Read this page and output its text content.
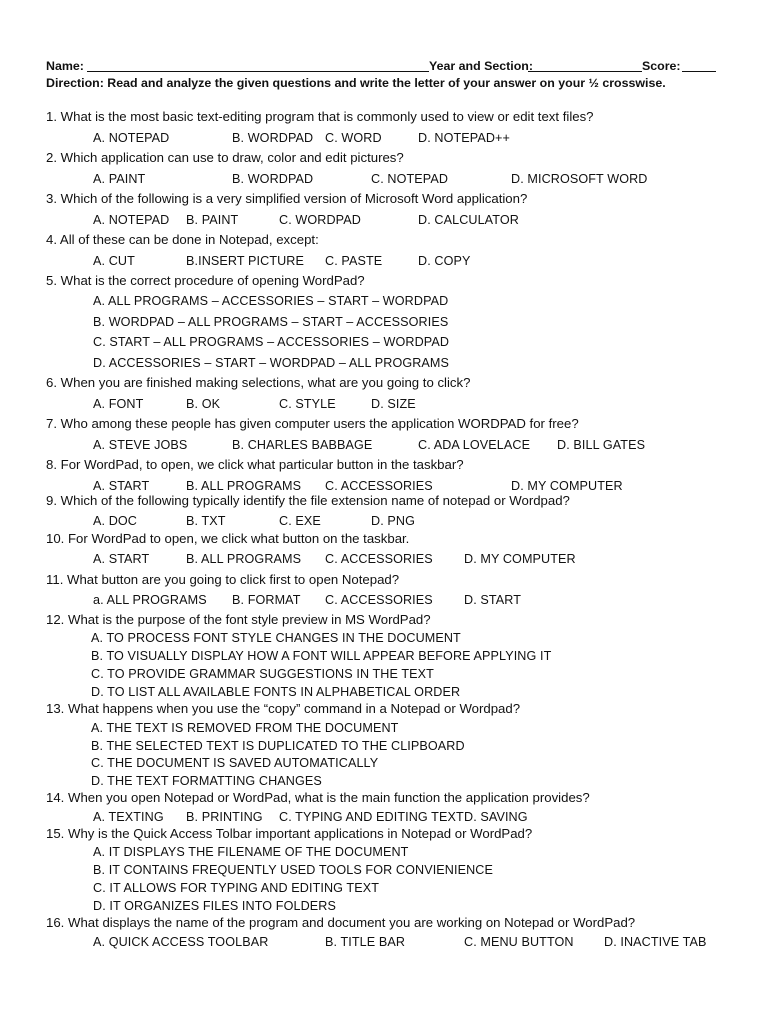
Name:	Year and Section:	Score:
Direction: Read and analyze the given questions and write the letter of your answer on your ½ crosswise.
1. What is the most basic text-editing program that is commonly used to view or edit text files?
A. NOTEPAD	B. WORDPAD C. WORD	D. NOTEPAD++
2. Which application can use to draw, color and edit pictures?
A. PAINT	B. WORDPAD	C. NOTEPAD	D. MICROSOFT WORD
3. Which of the following is a very simplified version of Microsoft Word application?
A. NOTEPAD B. PAINT	C. WORDPAD	D. CALCULATOR
4. All of these can be done in Notepad, except:
A. CUT	B.INSERT PICTURE C. PASTE	D. COPY
5. What is the correct procedure of opening WordPad?
A. ALL PROGRAMS – ACCESSORIES – START – WORDPAD
B. WORDPAD – ALL PROGRAMS – START – ACCESSORIES
C. START – ALL PROGRAMS – ACCESSORIES – WORDPAD
D. ACCESSORIES – START – WORDPAD – ALL PROGRAMS
6. When you are finished making selections, what are you going to click?
A. FONT	B. OK	C. STYLE	D. SIZE
7. Who among these people has given computer users the application WORDPAD for free?
A. STEVE JOBS	B. CHARLES BABBAGE	C. ADA LOVELACE D. BILL GATES
8. For WordPad, to open, we click what particular button in the taskbar?
A. START	B. ALL PROGRAMS C. ACCESSORIES	D. MY COMPUTER
9. Which of the following typically identify the file extension name of notepad or Wordpad?
A. DOC	B. TXT	C. EXE	D. PNG
10. For WordPad to open, we click what button on the taskbar.
A. START	B. ALL PROGRAMS C. ACCESSORIES D. MY COMPUTER
11. What button are you going to click first to open Notepad?
a. ALL PROGRAMS B. FORMAT C. ACCESSORIES D. START
12. What is the purpose of the font style preview in MS WordPad?
A. TO PROCESS FONT STYLE CHANGES IN THE DOCUMENT
B. TO VISUALLY DISPLAY HOW A FONT WILL APPEAR BEFORE APPLYING IT
C. TO PROVIDE GRAMMAR SUGGESTIONS IN THE TEXT
D. TO LIST ALL AVAILABLE FONTS IN ALPHABETICAL ORDER
13. What happens when you use the “copy” command in a Notepad or Wordpad?
A. THE TEXT IS REMOVED FROM THE DOCUMENT
B. THE SELECTED TEXT IS DUPLICATED TO THE CLIPBOARD
C. THE DOCUMENT IS SAVED AUTOMATICALLY
D. THE TEXT FORMATTING CHANGES
14. When you open Notepad or WordPad, what is the main function the application provides?
A. TEXTING B. PRINTING C. TYPING AND EDITING TEXT D. SAVING
15. Why is the Quick Access Tolbar important applications in Notepad or WordPad?
A. IT DISPLAYS THE FILENAME OF THE DOCUMENT
B. IT CONTAINS FREQUENTLY USED TOOLS FOR CONVIENIENCE
C. IT ALLOWS FOR TYPING AND EDITING TEXT
D. IT ORGANIZES FILES INTO FOLDERS
16. What displays the name of the program and document you are working on Notepad or WordPad?
A. QUICK ACCESS TOOLBAR	B. TITLE BAR	C. MENU BUTTON D. INACTIVE TAB
